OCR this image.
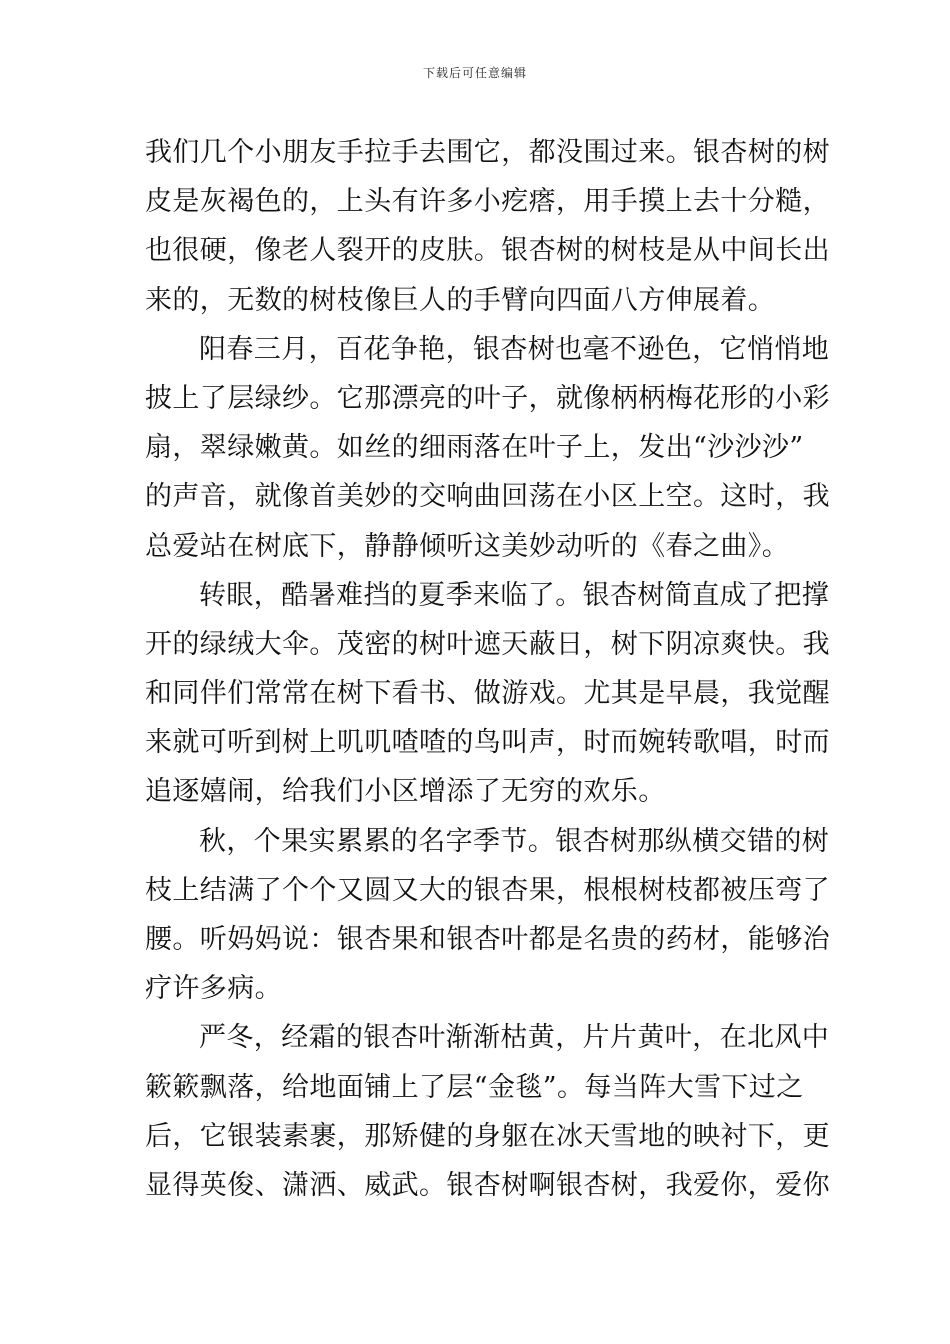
下载后可任意编辑
我们几个小朋友手拉手去围它，都没围过来。银杏树的树
皮是灰褐色的，上头有许多小疙瘩，用手摸上去十分糙，
也很硬，像老人裂开的皮肤。银杏树的树枝是从中间长出
来的，无数的树枝像巨人的手臂向四面八方伸展着。
阳春三月，百花争艳，银杏树也毫不逊色，它悄悄地
披上了层绿纱。它那漂亮的叶子，就像柄柄梅花形的小彩
扇，翠绿嫩黄。如丝的细雨落在叶子上，发出“沙沙沙”
的声音，就像首美妙的交响曲回荡在小区上空。这时，我
总爱站在树底下，静静倾听这美妙动听的《春之曲》。
转眼，酷暑难挡的夏季来临了。银杏树简直成了把撑
开的绿绒大伞。茂密的树叶遮天蔽日，树下阴凉爽快。我
和同伴们常常在树下看书、做游戏。尤其是早晨，我觉醒
来就可听到树上叽叽喳喳的鸟叫声，时而婉转歌唱，时而
追逐嬉闹，给我们小区增添了无穷的欢乐。
秋，个果实累累的名字季节。银杏树那纵横交错的树
枝上结满了个个又圆又大的银杏果，根根树枝都被压弯了
腰。听妈妈说：银杏果和银杏叶都是名贵的药材，能够治
疗许多病。
严冬，经霜的银杏叶渐渐枯黄，片片黄叶，在北风中
簌簌飘落，给地面铺上了层“金毯”。每当阵大雪下过之
后，它银装素裹，那矫健的身躯在冰天雪地的映衬下，更
显得英俊、潇洒、威武。银杏树啊银杏树，我爱你，爱你
